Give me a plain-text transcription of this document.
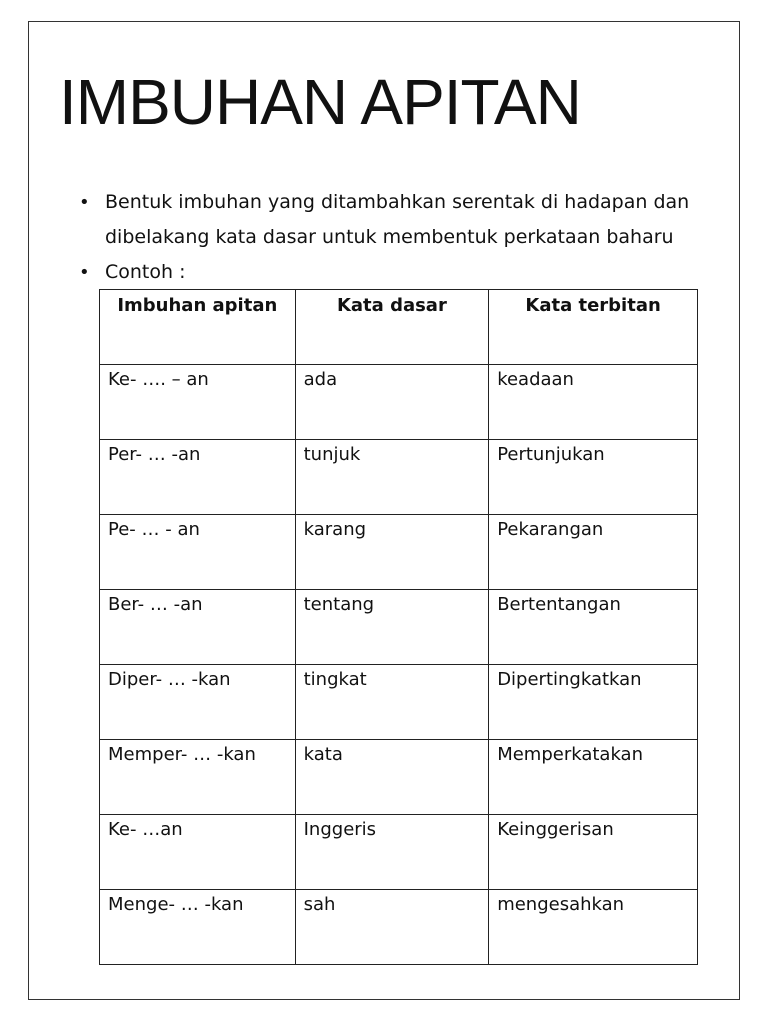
IMBUHAN APITAN
• Bentuk imbuhan yang ditambahkan serentak di hadapan dan dibelakang kata dasar untuk membentuk perkataan baharu
• Contoh :
Imbuhan apitan	Kata dasar	Kata terbitan
Ke- …. – an	ada	keadaan
Per- … -an	tunjuk	Pertunjukan
Pe- … - an	karang	Pekarangan
Ber- … -an	tentang	Bertentangan
Diper- … -kan	tingkat	Dipertingkatkan
Memper- … -kan	kata	Memperkatakan
Ke- …an	Inggeris	Keinggerisan
Menge- … -kan	sah	mengesahkan
